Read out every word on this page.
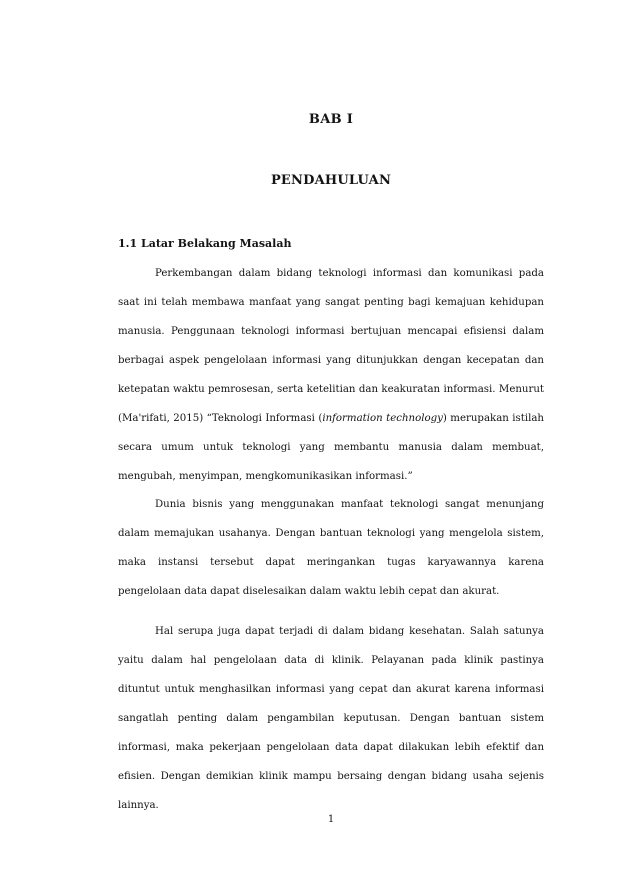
BAB I
PENDAHULUAN
1.1 Latar Belakang Masalah

Perkembangan dalam bidang teknologi informasi dan komunikasi pada saat ini telah membawa manfaat yang sangat penting bagi kemajuan kehidupan manusia. Penggunaan teknologi informasi bertujuan mencapai efisiensi dalam berbagai aspek pengelolaan informasi yang ditunjukkan dengan kecepatan dan ketepatan waktu pemrosesan, serta ketelitian dan keakuratan informasi. Menurut (Ma'rifati, 2015) “Teknologi Informasi (information technology) merupakan istilah secara umum untuk teknologi yang membantu manusia dalam membuat, mengubah, menyimpan, mengkomunikasikan informasi.”

Dunia bisnis yang menggunakan manfaat teknologi sangat menunjang dalam memajukan usahanya. Dengan bantuan teknologi yang mengelola sistem, maka instansi tersebut dapat meringankan tugas karyawannya karena pengelolaan data dapat diselesaikan dalam waktu lebih cepat dan akurat.

Hal serupa juga dapat terjadi di dalam bidang kesehatan. Salah satunya yaitu dalam hal pengelolaan data di klinik. Pelayanan pada klinik pastinya dituntut untuk menghasilkan informasi yang cepat dan akurat karena informasi sangatlah penting dalam pengambilan keputusan. Dengan bantuan sistem informasi, maka pekerjaan pengelolaan data dapat dilakukan lebih efektif dan efisien. Dengan demikian klinik mampu bersaing dengan bidang usaha sejenis lainnya.

1
